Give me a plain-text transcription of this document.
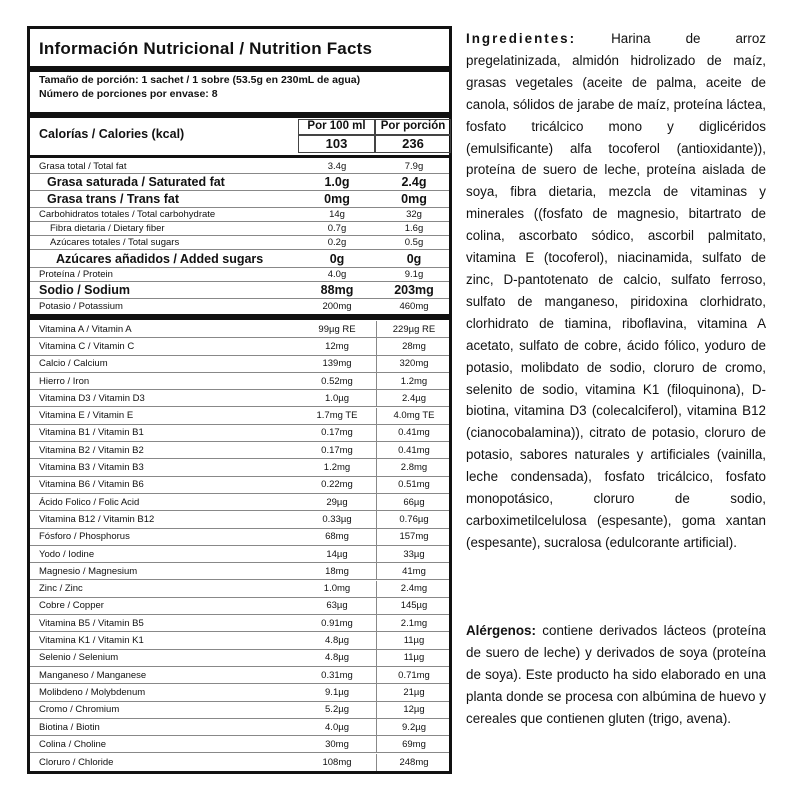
Información Nutricional / Nutrition Facts
Tamaño de porción: 1 sachet / 1 sobre (53.5g en 230mL de agua)
Número de porciones por envase: 8
Calorías / Calories (kcal)
Por 100 ml	Por porción
103	236
Grasa total / Total fat	3.4g	7.9g
Grasa saturada / Saturated fat	1.0g	2.4g
Grasa trans / Trans fat	0mg	0mg
Carbohidratos totales / Total carbohydrate	14g	32g
Fibra dietaria / Dietary fiber	0.7g	1.6g
Azúcares totales / Total sugars	0.2g	0.5g
Azúcares añadidos / Added sugars	0g	0g
Proteína / Protein	4.0g	9.1g
Sodio / Sodium	88mg	203mg
Potasio / Potassium	200mg	460mg
Vitamina A / Vitamin A	99µg RE	229µg RE
Vitamina C / Vitamin C	12mg	28mg
Calcio / Calcium	139mg	320mg
Hierro / Iron	0.52mg	1.2mg
Vitamina D3 / Vitamin D3	1.0µg	2.4µg
Vitamina E / Vitamin E	1.7mg TE	4.0mg TE
Vitamina B1 / Vitamin B1	0.17mg	0.41mg
Vitamina B2 / Vitamin B2	0.17mg	0.41mg
Vitamina B3 / Vitamin B3	1.2mg	2.8mg
Vitamina B6 / Vitamin B6	0.22mg	0.51mg
Ácido Folico / Folic Acid	29µg	66µg
Vitamina B12 / Vitamin B12	0.33µg	0.76µg
Fósforo / Phosphorus	68mg	157mg
Yodo / Iodine	14µg	33µg
Magnesio / Magnesium	18mg	41mg
Zinc / Zinc	1.0mg	2.4mg
Cobre / Copper	63µg	145µg
Vitamina B5 / Vitamin B5	0.91mg	2.1mg
Vitamina K1 / Vitamin K1	4.8µg	11µg
Selenio / Selenium	4.8µg	11µg
Manganeso / Manganese	0.31mg	0.71mg
Molibdeno / Molybdenum	9.1µg	21µg
Cromo / Chromium	5.2µg	12µg
Biotina / Biotin	4.0µg	9.2µg
Colina / Choline	30mg	69mg
Cloruro / Chloride	108mg	248mg
Ingredientes:	Harina de arroz pregelatinizada, almidón hidrolizado de maíz, grasas vegetales (aceite de palma, aceite de canola, sólidos de jarabe de maíz, proteína láctea, fosfato tricálcico mono y diglicéridos (emulsificante) alfa tocoferol (antioxidante)), proteína de suero de leche, proteína aislada de soya, fibra dietaria, mezcla de vitaminas y minerales ((fosfato de magnesio, bitartrato de colina, ascorbato sódico, ascorbil palmitato, vitamina E (tocoferol), niacinamida, sulfato de zinc, D-pantotenato de calcio, sulfato ferroso, sulfato de manganeso, piridoxina clorhidrato, clorhidrato de tiamina, riboflavina, vitamina A acetato, sulfato de cobre, ácido fólico, yoduro de potasio, molibdato de sodio, cloruro de cromo, selenito de sodio, vitamina K1 (filoquinona), D-biotina, vitamina D3 (colecalciferol), vitamina B12 (cianocobalamina)), citrato de potasio, cloruro de potasio, sabores naturales y artificiales (vainilla, leche condensada), fosfato tricálcico, fosfato monopotásico, cloruro de sodio, carboximetilcelulosa (espesante), goma xantan (espesante), sucralosa (edulcorante artificial).
Alérgenos: contiene derivados lácteos (proteína de suero de leche) y derivados de soya (proteína de soya). Este producto ha sido elaborado en una planta donde se procesa con albúmina de huevo y cereales que contienen gluten (trigo, avena).
